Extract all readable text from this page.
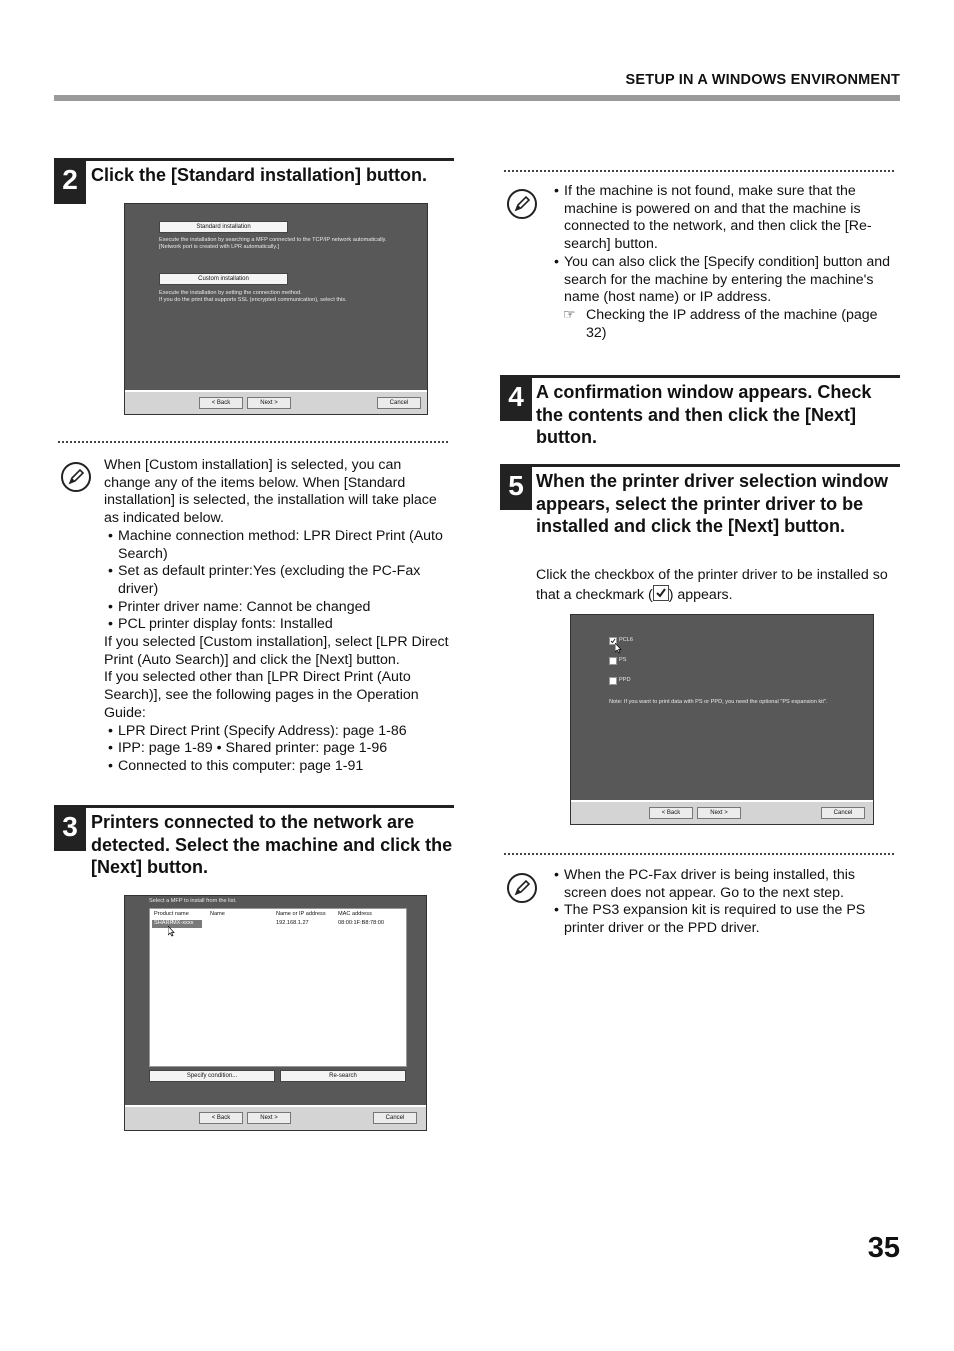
SETUP IN A WINDOWS ENVIRONMENT
2 Click the [Standard installation] button.
Standard installation
Execute the installation by searching a MFP connected to the TCP/IP network automatically.
[Network port is created with LPR automatically.]
Custom installation
Execute the installation by setting the connection method.
If you do the print that supports SSL (encrypted communication), select this.
< Back	Next >	Cancel

When [Custom installation] is selected, you can change any of the items below. When [Standard installation] is selected, the installation will take place as indicated below.

• Machine connection method: LPR Direct Print (Auto Search)
• Set as default printer:Yes (excluding the PC-Fax driver)
• Printer driver name: Cannot be changed
• PCL printer display fonts: Installed

If you selected [Custom installation], select [LPR Direct Print (Auto Search)] and click the [Next] button.

If you selected other than [LPR Direct Print (Auto Search)], see the following pages in the Operation Guide:

• LPR Direct Print (Specify Address): page 1-86
• IPP: page 1-89 • Shared printer: page 1-96
• Connected to this computer: page 1-91
3 Printers connected to the network are detected. Select the machine and click the [Next] button.
Select a MFP to install from the list.
Product name	Name	Name or IP address MAC address
SHARP
MX-xxxx	192.168.1.27	08:00:1F:B8:78:00
Specify condition...	Re-search
< Back	Next >	Cancel
• If the machine is not found, make sure that the machine is powered on and that the machine is connected to the network, and then click the [Re-search] button.
• You can also click the [Specify condition] button and search for the machine by entering the machine's name (host name) or IP address.
☞ Checking the IP address of the machine (page 32)
4 A confirmation window appears. Check the contents and then click the [Next] button.
5 When the printer driver selection window appears, select the printer driver to be installed and click the [Next] button.
Click the checkbox of the printer driver to be installed so that a checkmark ( ) appears.
PCL6
PS
PPD
Note: If you want to print data with PS or PPD, you need the optional "PS expansion kit".
< Back	Next >	Cancel
• When the PC-Fax driver is being installed, this screen does not appear. Go to the next step.
• The PS3 expansion kit is required to use the PS printer driver or the PPD driver.
35
